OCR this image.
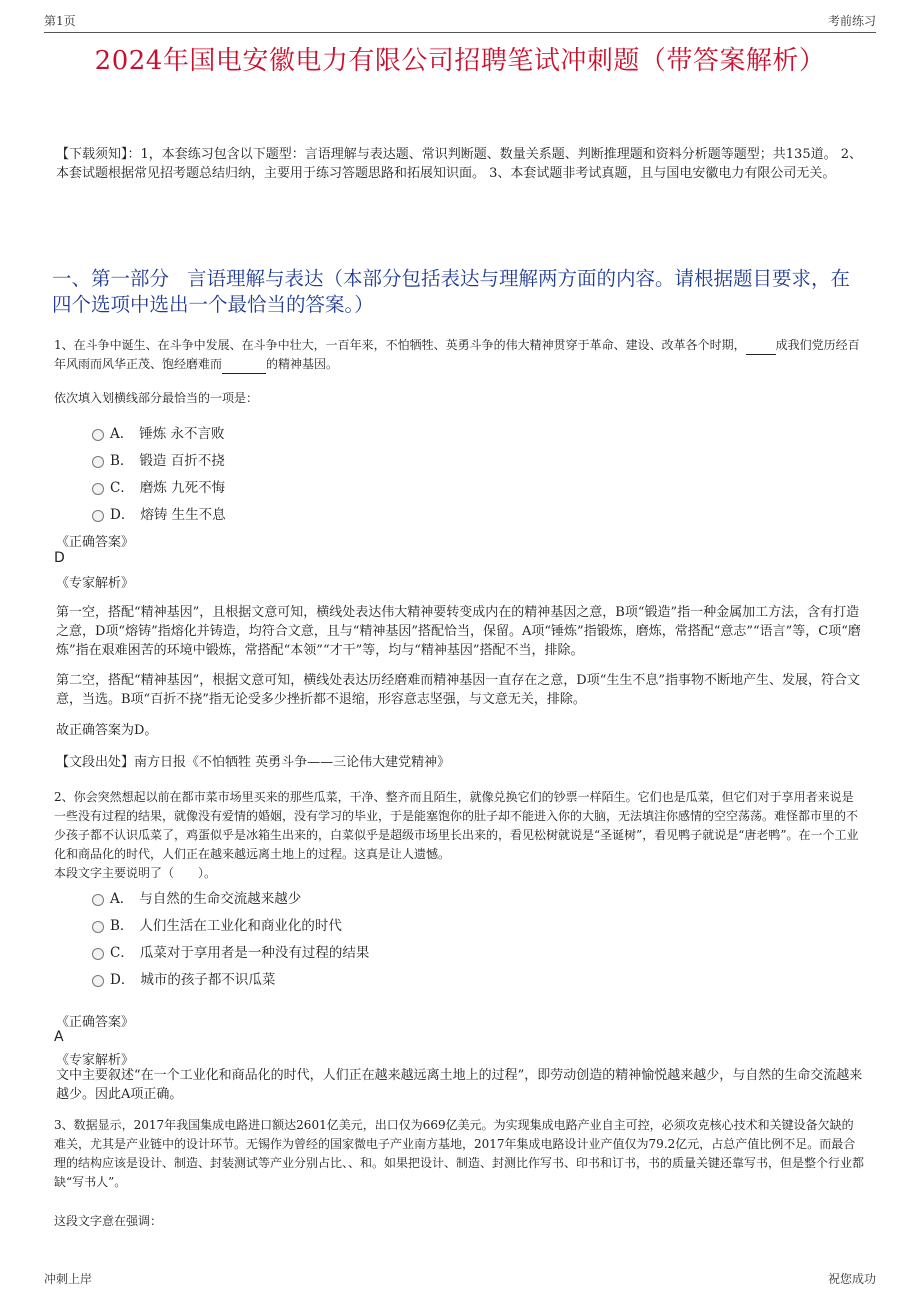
第1页	考前练习
2024年国电安徽电力有限公司招聘笔试冲刺题（带答案解析）
【下载须知】：1，本套练习包含以下题型：言语理解与表达题、常识判断题、数量关系题、判断推理题和资料分析题等题型；共135道。 2、本套试题根据常见招考题总结归纳，主要用于练习答题思路和拓展知识面。 3、本套试题非考试真题，且与国电安徽电力有限公司无关。
一、第一部分 言语理解与表达（本部分包括表达与理解两方面的内容。请根据题目要求，在四个选项中选出一个最恰当的答案。）
1、在斗争中诞生、在斗争中发展、在斗争中壮大，一百年来，不怕牺牲、英勇斗争的伟大精神贯穿于革命、建设、改革各个时期，	成我们党历经百年风雨而风华正茂、饱经磨难而	的精神基因。
依次填入划横线部分最恰当的一项是：
A． 锤炼 永不言败
B． 锻造 百折不挠
C． 磨炼 九死不悔
D． 熔铸 生生不息
《正确答案》
D
《专家解析》
第一空，搭配“精神基因”，且根据文意可知，横线处表达伟大精神要转变成内在的精神基因之意，B项“锻造”指一种金属加工方法，含有打造之意，D项“熔铸”指熔化并铸造，均符合文意，且与“精神基因”搭配恰当，保留。A项“锤炼”指锻炼，磨炼，常搭配“意志”“语言”等，C项“磨炼”指在艰难困苦的环境中锻炼，常搭配“本领”“才干”等，均与“精神基因”搭配不当，排除。
第二空，搭配“精神基因”，根据文意可知，横线处表达历经磨难而精神基因一直存在之意，D项“生生不息”指事物不断地产生、发展，符合文意，当选。B项“百折不挠”指无论受多少挫折都不退缩，形容意志坚强，与文意无关，排除。
故正确答案为D。
【文段出处】南方日报《不怕牺牲 英勇斗争——三论伟大建党精神》
2、你会突然想起以前在都市菜市场里买来的那些瓜菜，干净、整齐而且陌生，就像兑换它们的钞票一样陌生。它们也是瓜菜，但它们对于享用者来说是一些没有过程的结果，就像没有爱情的婚姻，没有学习的毕业，于是能塞饱你的肚子却不能进入你的大脑，无法填注你感情的空空荡荡。难怪都市里的不少孩子都不认识瓜菜了，鸡蛋似乎是冰箱生出来的，白菜似乎是超级市场里长出来的，看见松树就说是“圣诞树”，看见鸭子就说是“唐老鸭”。在一个工业化和商品化的时代，人们正在越来越远离土地上的过程。这真是让人遗憾。
本段文字主要说明了（　　）。
A． 与自然的生命交流越来越少
B． 人们生活在工业化和商业化的时代
C． 瓜菜对于享用者是一种没有过程的结果
D． 城市的孩子都不识瓜菜
《正确答案》
A
《专家解析》
文中主要叙述“在一个工业化和商品化的时代，人们正在越来越远离土地上的过程”，即劳动创造的精神愉悦越来越少，与自然的生命交流越来越少。因此A项正确。
3、数据显示，2017年我国集成电路进口额达2601亿美元，出口仅为669亿美元。为实现集成电路产业自主可控，必须攻克核心技术和关键设备欠缺的难关，尤其是产业链中的设计环节。无锡作为曾经的国家微电子产业南方基地，2017年集成电路设计业产值仅为79.2亿元，占总产值比例不足。而最合理的结构应该是设计、制造、封装测试等产业分别占比、、和。如果把设计、制造、封测比作写书、印书和订书，书的质量关键还靠写书，但是整个行业都缺“写书人”。
这段文字意在强调：
冲刺上岸	祝您成功
